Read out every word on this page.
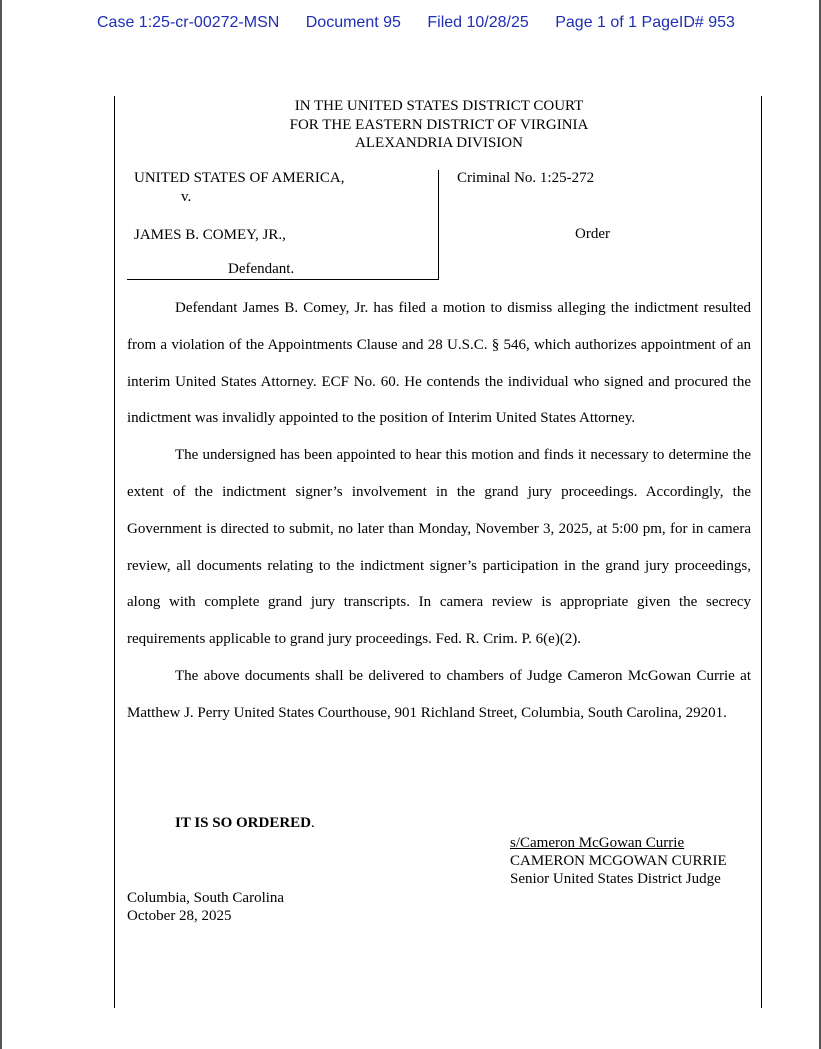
Case 1:25-cr-00272-MSN Document 95 Filed 10/28/25 Page 1 of 1 PageID# 953
IN THE UNITED STATES DISTRICT COURT
FOR THE EASTERN DISTRICT OF VIRGINIA
ALEXANDRIA DIVISION
UNITED STATES OF AMERICA,
v.
JAMES B. COMEY, JR.,
Defendant.
Criminal No. 1:25-272
Order

Defendant James B. Comey, Jr. has filed a motion to dismiss alleging the indictment resulted from a violation of the Appointments Clause and 28 U.S.C. § 546, which authorizes appointment of an interim United States Attorney. ECF No. 60. He contends the individual who signed and procured the indictment was invalidly appointed to the position of Interim United States Attorney.

The undersigned has been appointed to hear this motion and finds it necessary to determine the extent of the indictment signer’s involvement in the grand jury proceedings. Accordingly, the Government is directed to submit, no later than Monday, November 3, 2025, at 5:00 pm, for in camera review, all documents relating to the indictment signer’s participation in the grand jury proceedings, along with complete grand jury transcripts. In camera review is appropriate given the secrecy requirements applicable to grand jury proceedings. Fed. R. Crim. P. 6(e)(2).

The above documents shall be delivered to chambers of Judge Cameron McGowan Currie at Matthew J. Perry United States Courthouse, 901 Richland Street, Columbia, South Carolina, 29201.

IT IS SO ORDERED.
s/Cameron McGowan Currie
CAMERON MCGOWAN CURRIE
Senior United States District Judge
Columbia, South Carolina
October 28, 2025
